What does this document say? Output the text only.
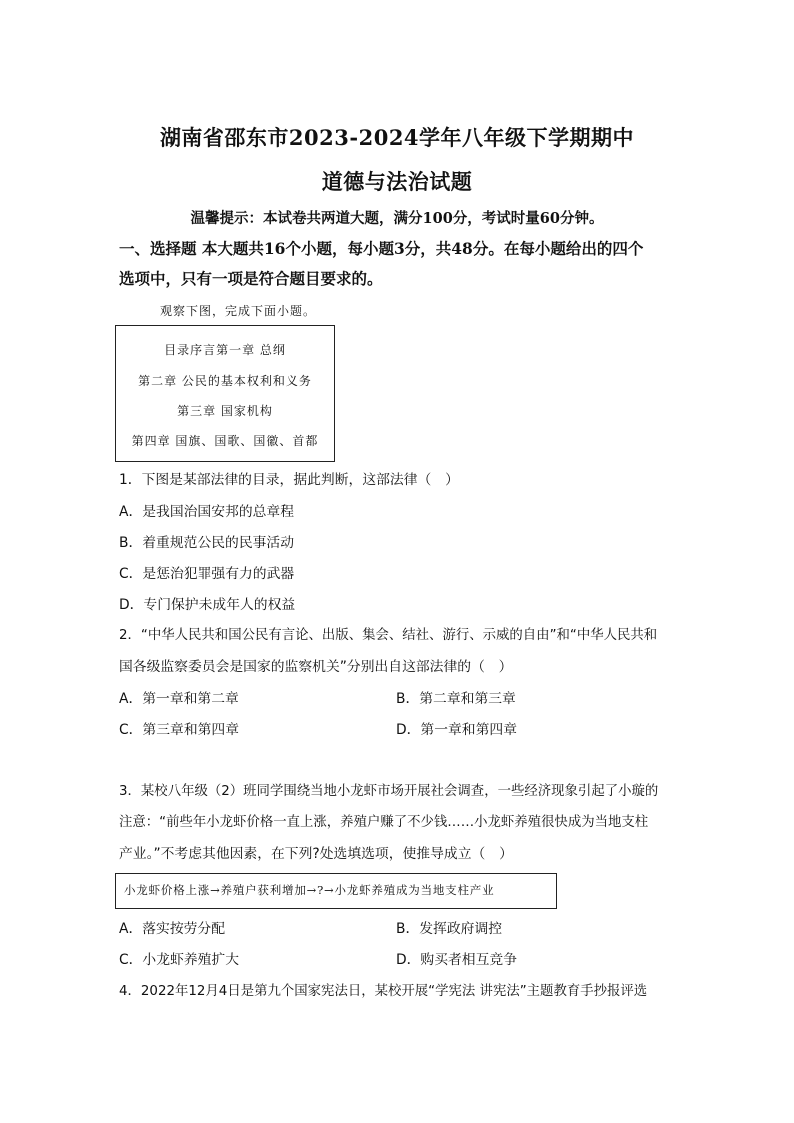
湖南省邵东市2023-2024学年八年级下学期期中
道德与法治试题
温馨提示：本试卷共两道大题，满分100分，考试时量60分钟。
一、选择题 本大题共16个小题，每小题3分，共48分。在每小题给出的四个
选项中，只有一项是符合题目要求的。
观察下图，完成下面小题。
目录序言第一章 总纲
第二章 公民的基本权利和义务
第三章 国家机构
第四章 国旗、国歌、国徽、首都
1．下图是某部法律的目录，据此判断，这部法律（　）
A．是我国治国安邦的总章程
B．着重规范公民的民事活动
C．是惩治犯罪强有力的武器
D．专门保护未成年人的权益
2．“中华人民共和国公民有言论、出版、集会、结社、游行、示威的自由”和“中华人民共和
国各级监察委员会是国家的监察机关”分别出自这部法律的（　）
A．第一章和第二章	B．第二章和第三章
C．第三章和第四章	D．第一章和第四章
3．某校八年级（2）班同学围绕当地小龙虾市场开展社会调查，一些经济现象引起了小璇的
注意：“前些年小龙虾价格一直上涨，养殖户赚了不少钱……小龙虾养殖很快成为当地支柱
产业。”不考虑其他因素，在下列?处选填选项，使推导成立（　）
小龙虾价格上涨→养殖户获利增加→?→小龙虾养殖成为当地支柱产业
A．落实按劳分配	B．发挥政府调控
C．小龙虾养殖扩大	D．购买者相互竞争
4．2022年12月4日是第九个国家宪法日，某校开展“学宪法 讲宪法”主题教育手抄报评选
